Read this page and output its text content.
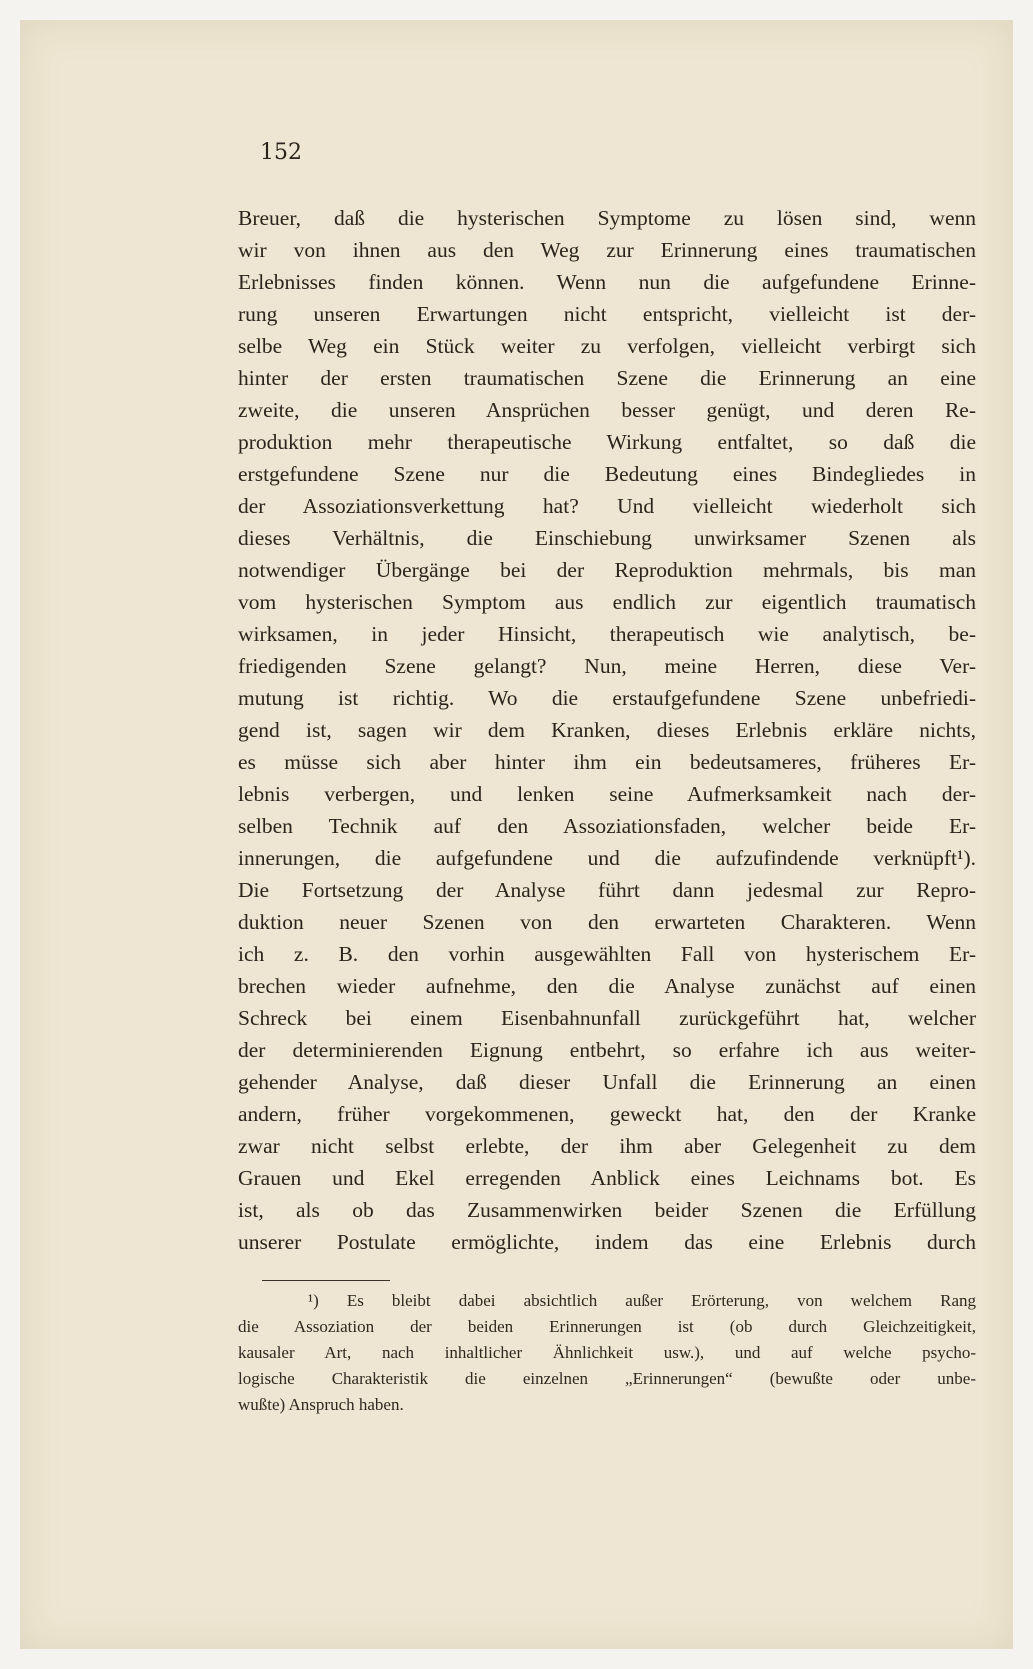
152
Breuer, daß die hysterischen Symptome zu lösen sind, wenn
wir von ihnen aus den Weg zur Erinnerung eines traumatischen
Erlebnisses finden können. Wenn nun die aufgefundene Erinne-
rung unseren Erwartungen nicht entspricht, vielleicht ist der-
selbe Weg ein Stück weiter zu verfolgen, vielleicht verbirgt sich
hinter der ersten traumatischen Szene die Erinnerung an eine
zweite, die unseren Ansprüchen besser genügt, und deren Re-
produktion mehr therapeutische Wirkung entfaltet, so daß die
erstgefundene Szene nur die Bedeutung eines Bindegliedes in
der Assoziationsverkettung hat? Und vielleicht wiederholt sich
dieses Verhältnis, die Einschiebung unwirksamer Szenen als
notwendiger Übergänge bei der Reproduktion mehrmals, bis man
vom hysterischen Symptom aus endlich zur eigentlich traumatisch
wirksamen, in jeder Hinsicht, therapeutisch wie analytisch, be-
friedigenden Szene gelangt? Nun, meine Herren, diese Ver-
mutung ist richtig. Wo die erstaufgefundene Szene unbefriedi-
gend ist, sagen wir dem Kranken, dieses Erlebnis erkläre nichts,
es müsse sich aber hinter ihm ein bedeutsameres, früheres Er-
lebnis verbergen, und lenken seine Aufmerksamkeit nach der-
selben Technik auf den Assoziationsfaden, welcher beide Er-
innerungen, die aufgefundene und die aufzufindende verknüpft¹).
Die Fortsetzung der Analyse führt dann jedesmal zur Repro-
duktion neuer Szenen von den erwarteten Charakteren. Wenn
ich z. B. den vorhin ausgewählten Fall von hysterischem Er-
brechen wieder aufnehme, den die Analyse zunächst auf einen
Schreck bei einem Eisenbahnunfall zurückgeführt hat, welcher
der determinierenden Eignung entbehrt, so erfahre ich aus weiter-
gehender Analyse, daß dieser Unfall die Erinnerung an einen
andern, früher vorgekommenen, geweckt hat, den der Kranke
zwar nicht selbst erlebte, der ihm aber Gelegenheit zu dem
Grauen und Ekel erregenden Anblick eines Leichnams bot. Es
ist, als ob das Zusammenwirken beider Szenen die Erfüllung
unserer Postulate ermöglichte, indem das eine Erlebnis durch
¹) Es bleibt dabei absichtlich außer Erörterung, von welchem Rang
die Assoziation der beiden Erinnerungen ist (ob durch Gleichzeitigkeit,
kausaler Art, nach inhaltlicher Ähnlichkeit usw.), und auf welche psycho-
logische Charakteristik die einzelnen „Erinnerungen“ (bewußte oder unbe-
wußte) Anspruch haben.
